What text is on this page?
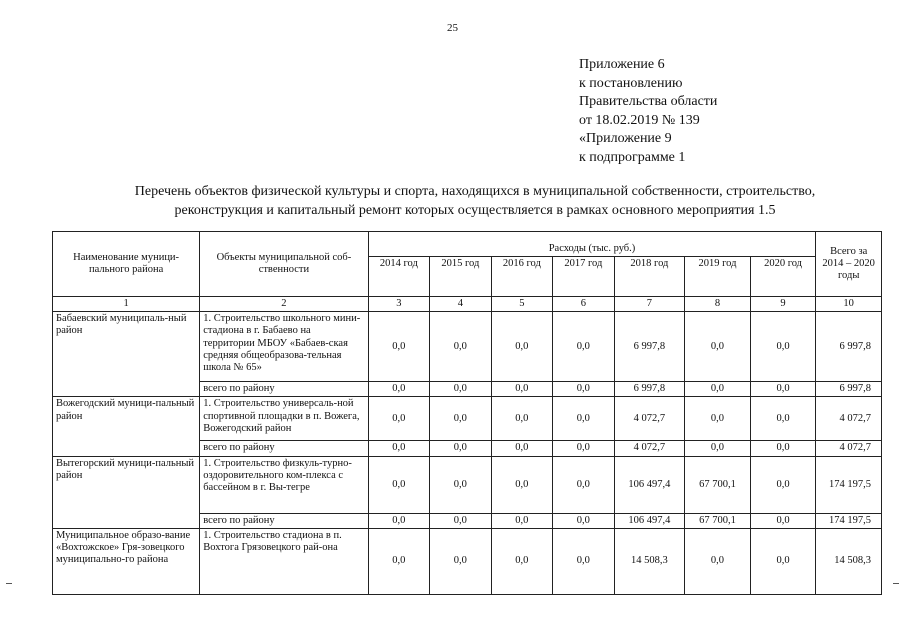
25
Приложение 6
к постановлению
Правительства области
от 18.02.2019 № 139
«Приложение 9
к подпрограмме 1
Перечень объектов физической культуры и спорта, находящихся в муниципальной собственности, строительство,
реконструкция и капитальный ремонт которых осуществляется в рамках основного мероприятия 1.5
Наименование муници-пального района	Объекты муниципальной соб-ственности	Расходы (тыс. руб.)							Всего за 2014 – 2020 годы
		2014 год	2015 год	2016 год	2017 год	2018 год	2019 год	2020 год	
1	2	3	4	5	6	7	8	9	10
Бабаевский муниципаль-ный район	1. Строительство школьного мини-стадиона в г. Бабаево на территории МБОУ «Бабаев-ская средняя общеобразова-тельная школа № 65»	0,0	0,0	0,0	0,0	6 997,8	0,0	0,0	6 997,8
	всего по району	0,0	0,0	0,0	0,0	6 997,8	0,0	0,0	6 997,8
Вожегодский муници-пальный район	1. Строительство универсаль-ной спортивной площадки в п. Вожега, Вожегодский район	0,0	0,0	0,0	0,0	4 072,7	0,0	0,0	4 072,7
	всего по району	0,0	0,0	0,0	0,0	4 072,7	0,0	0,0	4 072,7
Вытегорский муници-пальный район	1. Строительство физкуль-турно-оздоровительного ком-плекса с бассейном в г. Вы-тегре	0,0	0,0	0,0	0,0	106 497,4	67 700,1	0,0	174 197,5
	всего по району	0,0	0,0	0,0	0,0	106 497,4	67 700,1	0,0	174 197,5
Муниципальное образо-вание «Вохтожское» Гря-зовецкого муниципально-го района	1. Строительство стадиона в п. Вохтога Грязовецкого рай-она	0,0	0,0	0,0	0,0	14 508,3	0,0	0,0	14 508,3
